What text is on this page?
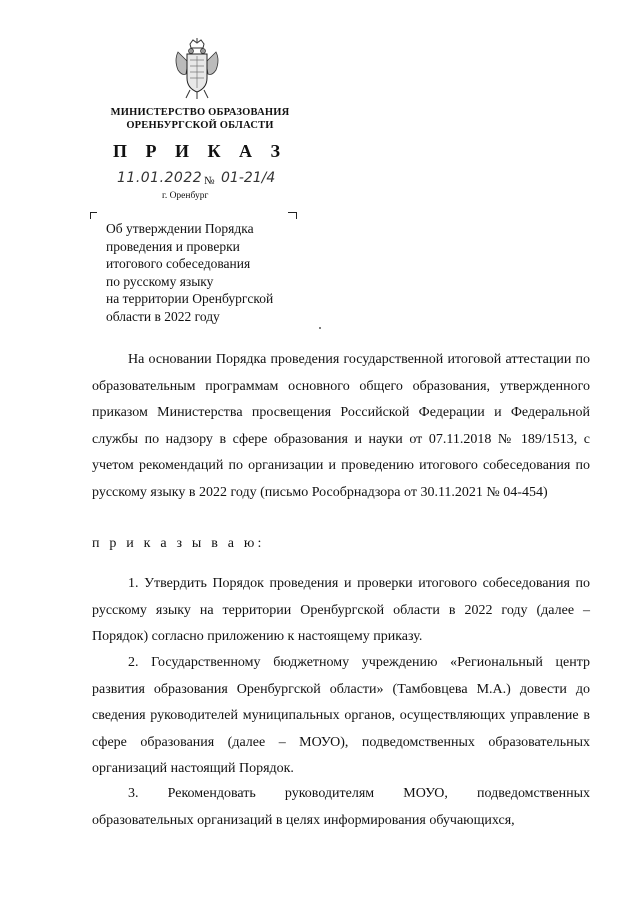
МИНИСТЕРСТВО ОБРАЗОВАНИЯ
ОРЕНБУРГСКОЙ ОБЛАСТИ
П Р И К А З
11.01.2022 № 01-21/4
г. Оренбург
Об утверждении Порядка
проведения и проверки
итогового собеседования
по русскому языку
на территории Оренбургской
области в 2022 году
На основании Порядка проведения государственной итоговой аттестации по образовательным программам основного общего образования, утвержденного приказом Министерства просвещения Российской Федерации и Федеральной службы по надзору в сфере образования и науки от 07.11.2018 № 189/1513, с учетом рекомендаций по организации и проведению итогового собеседования по русскому языку в 2022 году (письмо Рособрнадзора от 30.11.2021 № 04-454)
п р и к а з ы в а ю:
1. Утвердить Порядок проведения и проверки итогового собеседования по русскому языку на территории Оренбургской области в 2022 году (далее – Порядок) согласно приложению к настоящему приказу.
2. Государственному бюджетному учреждению «Региональный центр развития образования Оренбургской области» (Тамбовцева М.А.) довести до сведения руководителей муниципальных органов, осуществляющих управление в сфере образования (далее – МОУО), подведомственных образовательных организаций настоящий Порядок.
3. Рекомендовать руководителям МОУО, подведомственных образовательных организаций в целях информирования обучающихся,
